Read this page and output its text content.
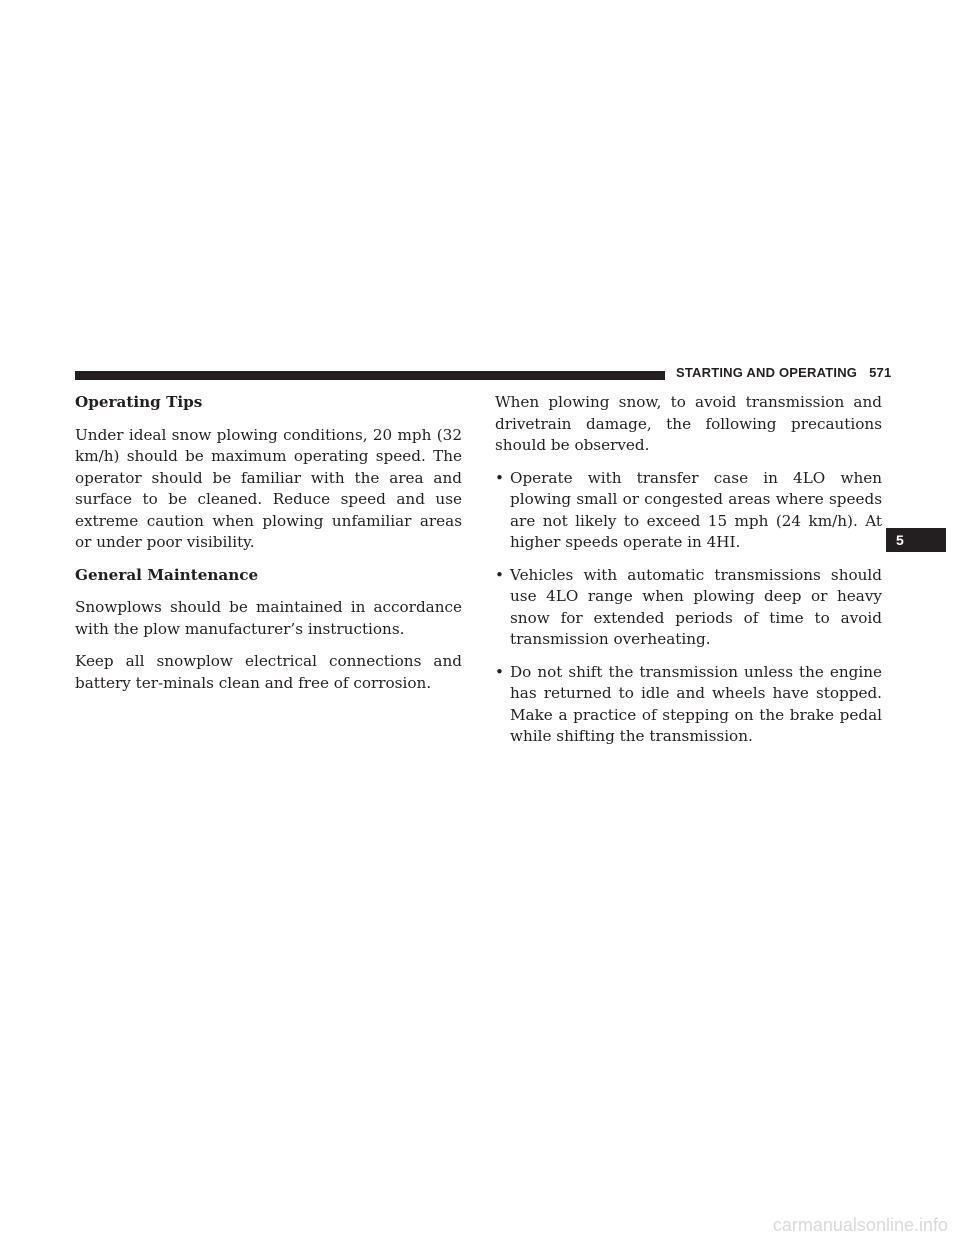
STARTING AND OPERATING 571
Operating Tips

Under ideal snow plowing conditions, 20 mph (32 km/h) should be maximum operating speed. The operator should be familiar with the area and surface to be cleaned. Reduce speed and use extreme caution when plowing unfamiliar areas or under poor visibility.

General Maintenance

Snowplows should be maintained in accordance with the plow manufacturer’s instructions.

Keep all snowplow electrical connections and battery ter-minals clean and free of corrosion.

When plowing snow, to avoid transmission and drivetrain damage, the following precautions should be observed.

• Operate with transfer case in 4LO when plowing small or congested areas where speeds are not likely to exceed 15 mph (24 km/h). At higher speeds operate in 4HI.
• Vehicles with automatic transmissions should use 4LO range when plowing deep or heavy snow for extended periods of time to avoid transmission overheating.
• Do not shift the transmission unless the engine has returned to idle and wheels have stopped. Make a practice of stepping on the brake pedal while shifting the transmission.
5
carmanualsonline.info
